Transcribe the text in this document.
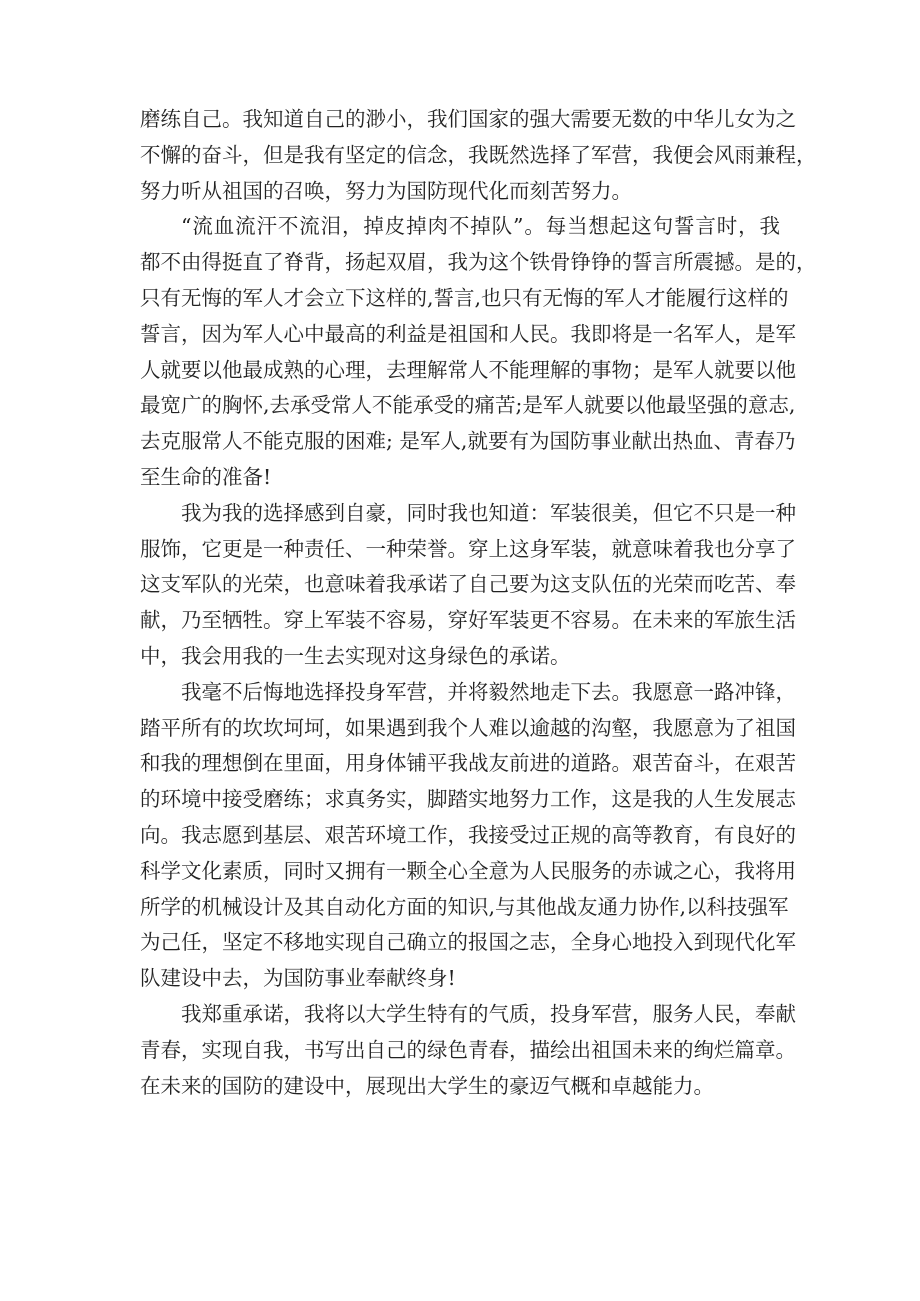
磨练自己。我知道自己的渺小，我们国家的强大需要无数的中华儿女为之
不懈的奋斗，但是我有坚定的信念，我既然选择了军营，我便会风雨兼程，
努力听从祖国的召唤，努力为国防现代化而刻苦努力。
“流血流汗不流泪，掉皮掉肉不掉队”。每当想起这句誓言时，我
都不由得挺直了脊背，扬起双眉，我为这个铁骨铮铮的誓言所震撼。是的，
只有无悔的军人才会立下这样的,誓言,也只有无悔的军人才能履行这样的
誓言，因为军人心中最高的利益是祖国和人民。我即将是一名军人，是军
人就要以他最成熟的心理，去理解常人不能理解的事物；是军人就要以他
最宽广的胸怀,去承受常人不能承受的痛苦;是军人就要以他最坚强的意志,
去克服常人不能克服的困难; 是军人,就要有为国防事业献出热血、青春乃
至生命的准备!
我为我的选择感到自豪，同时我也知道：军装很美，但它不只是一种
服饰，它更是一种责任、一种荣誉。穿上这身军装，就意味着我也分享了
这支军队的光荣，也意味着我承诺了自己要为这支队伍的光荣而吃苦、奉
献，乃至牺牲。穿上军装不容易，穿好军装更不容易。在未来的军旅生活
中，我会用我的一生去实现对这身绿色的承诺。
我毫不后悔地选择投身军营，并将毅然地走下去。我愿意一路冲锋，
踏平所有的坎坎坷坷，如果遇到我个人难以逾越的沟壑，我愿意为了祖国
和我的理想倒在里面，用身体铺平我战友前进的道路。艰苦奋斗，在艰苦
的环境中接受磨练；求真务实，脚踏实地努力工作，这是我的人生发展志
向。我志愿到基层、艰苦环境工作，我接受过正规的高等教育，有良好的
科学文化素质，同时又拥有一颗全心全意为人民服务的赤诚之心，我将用
所学的机械设计及其自动化方面的知识,与其他战友通力协作,以科技强军
为己任，坚定不移地实现自己确立的报国之志，全身心地投入到现代化军
队建设中去，为国防事业奉献终身!
我郑重承诺，我将以大学生特有的气质，投身军营，服务人民，奉献
青春，实现自我，书写出自己的绿色青春，描绘出祖国未来的绚烂篇章。
在未来的国防的建设中，展现出大学生的豪迈气概和卓越能力。
